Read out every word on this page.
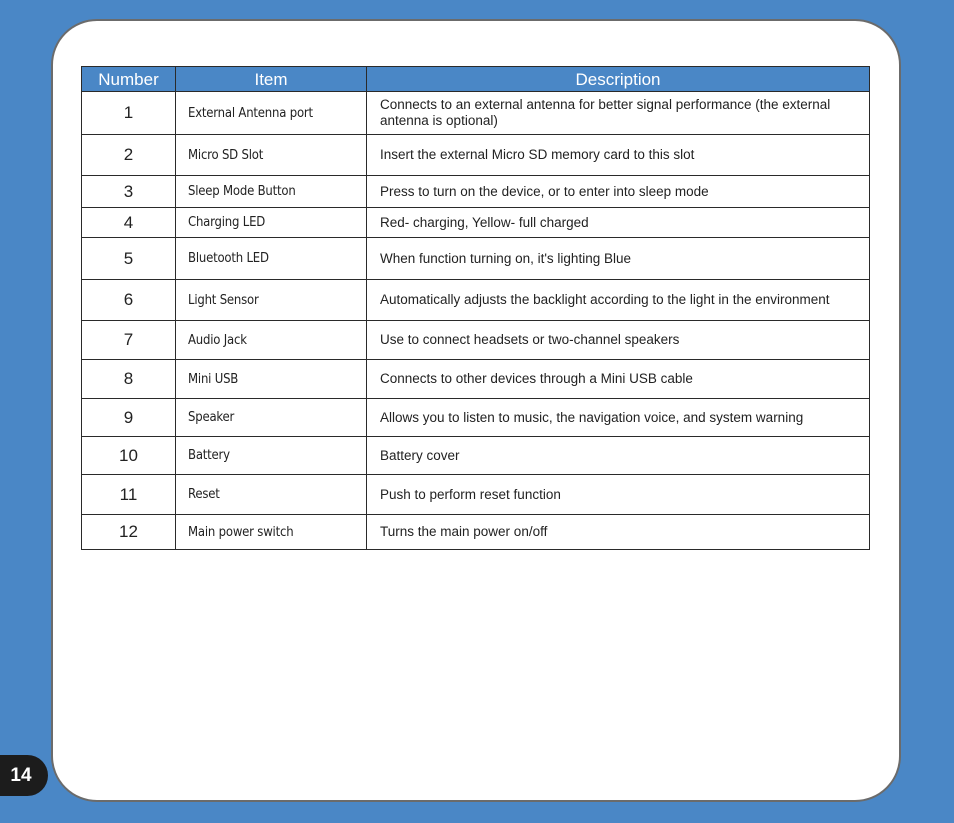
Number	Item	Description
1	External Antenna port	Connects to an external antenna for better signal performance (the external antenna is optional)
2	Micro SD Slot	Insert the external Micro SD memory card to this slot
3	Sleep Mode Button	Press to turn on the device, or to enter into sleep mode
4	Charging LED	Red- charging, Yellow- full charged
5	Bluetooth LED	When function turning on, it's lighting Blue
6	Light Sensor	Automatically adjusts the backlight according to the light in the environment
7	Audio Jack	Use to connect headsets or two-channel speakers
8	Mini USB	Connects to other devices through a Mini USB cable
9	Speaker	Allows you to listen to music, the navigation voice, and system warning
10	Battery	Battery cover
11	Reset	Push to perform reset function
12	Main power switch	Turns the main power on/off
14
